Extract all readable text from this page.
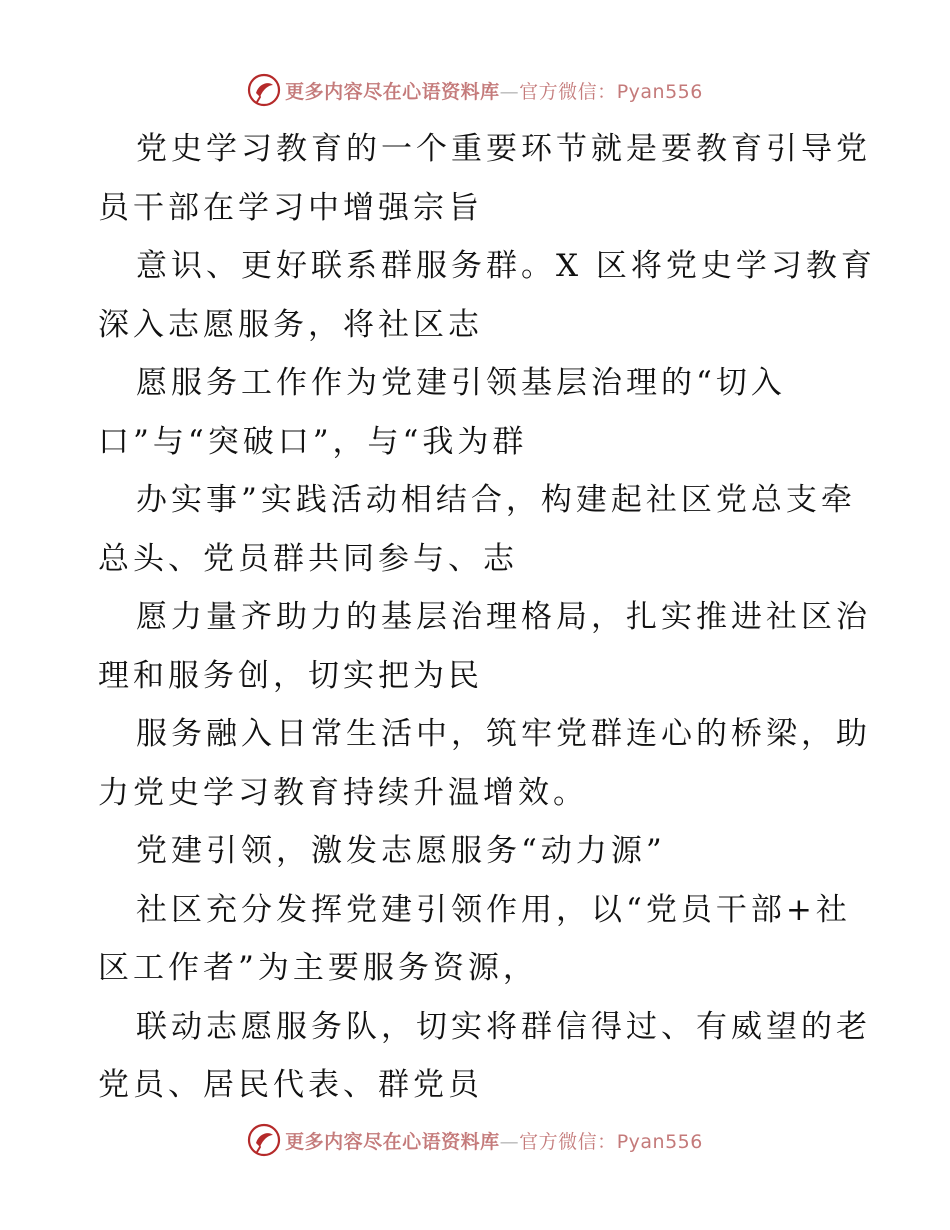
更多内容尽在心语资料库—官方微信：Pyan556
党史学习教育的一个重要环节就是要教育引导党
员干部在学习中增强宗旨
意识、更好联系群服务群。X 区将党史学习教育
深入志愿服务，将社区志
愿服务工作作为党建引领基层治理的“切入
口”与“突破口”，与“我为群
办实事”实践活动相结合，构建起社区党总支牵
总头、党员群共同参与、志
愿力量齐助力的基层治理格局，扎实推进社区治
理和服务创，切实把为民
服务融入日常生活中，筑牢党群连心的桥梁，助
力党史学习教育持续升温增效。
党建引领，激发志愿服务“动力源”
社区充分发挥党建引领作用，以“党员干部+社
区工作者”为主要服务资源，
联动志愿服务队，切实将群信得过、有威望的老
党员、居民代表、群党员
更多内容尽在心语资料库—官方微信：Pyan556
